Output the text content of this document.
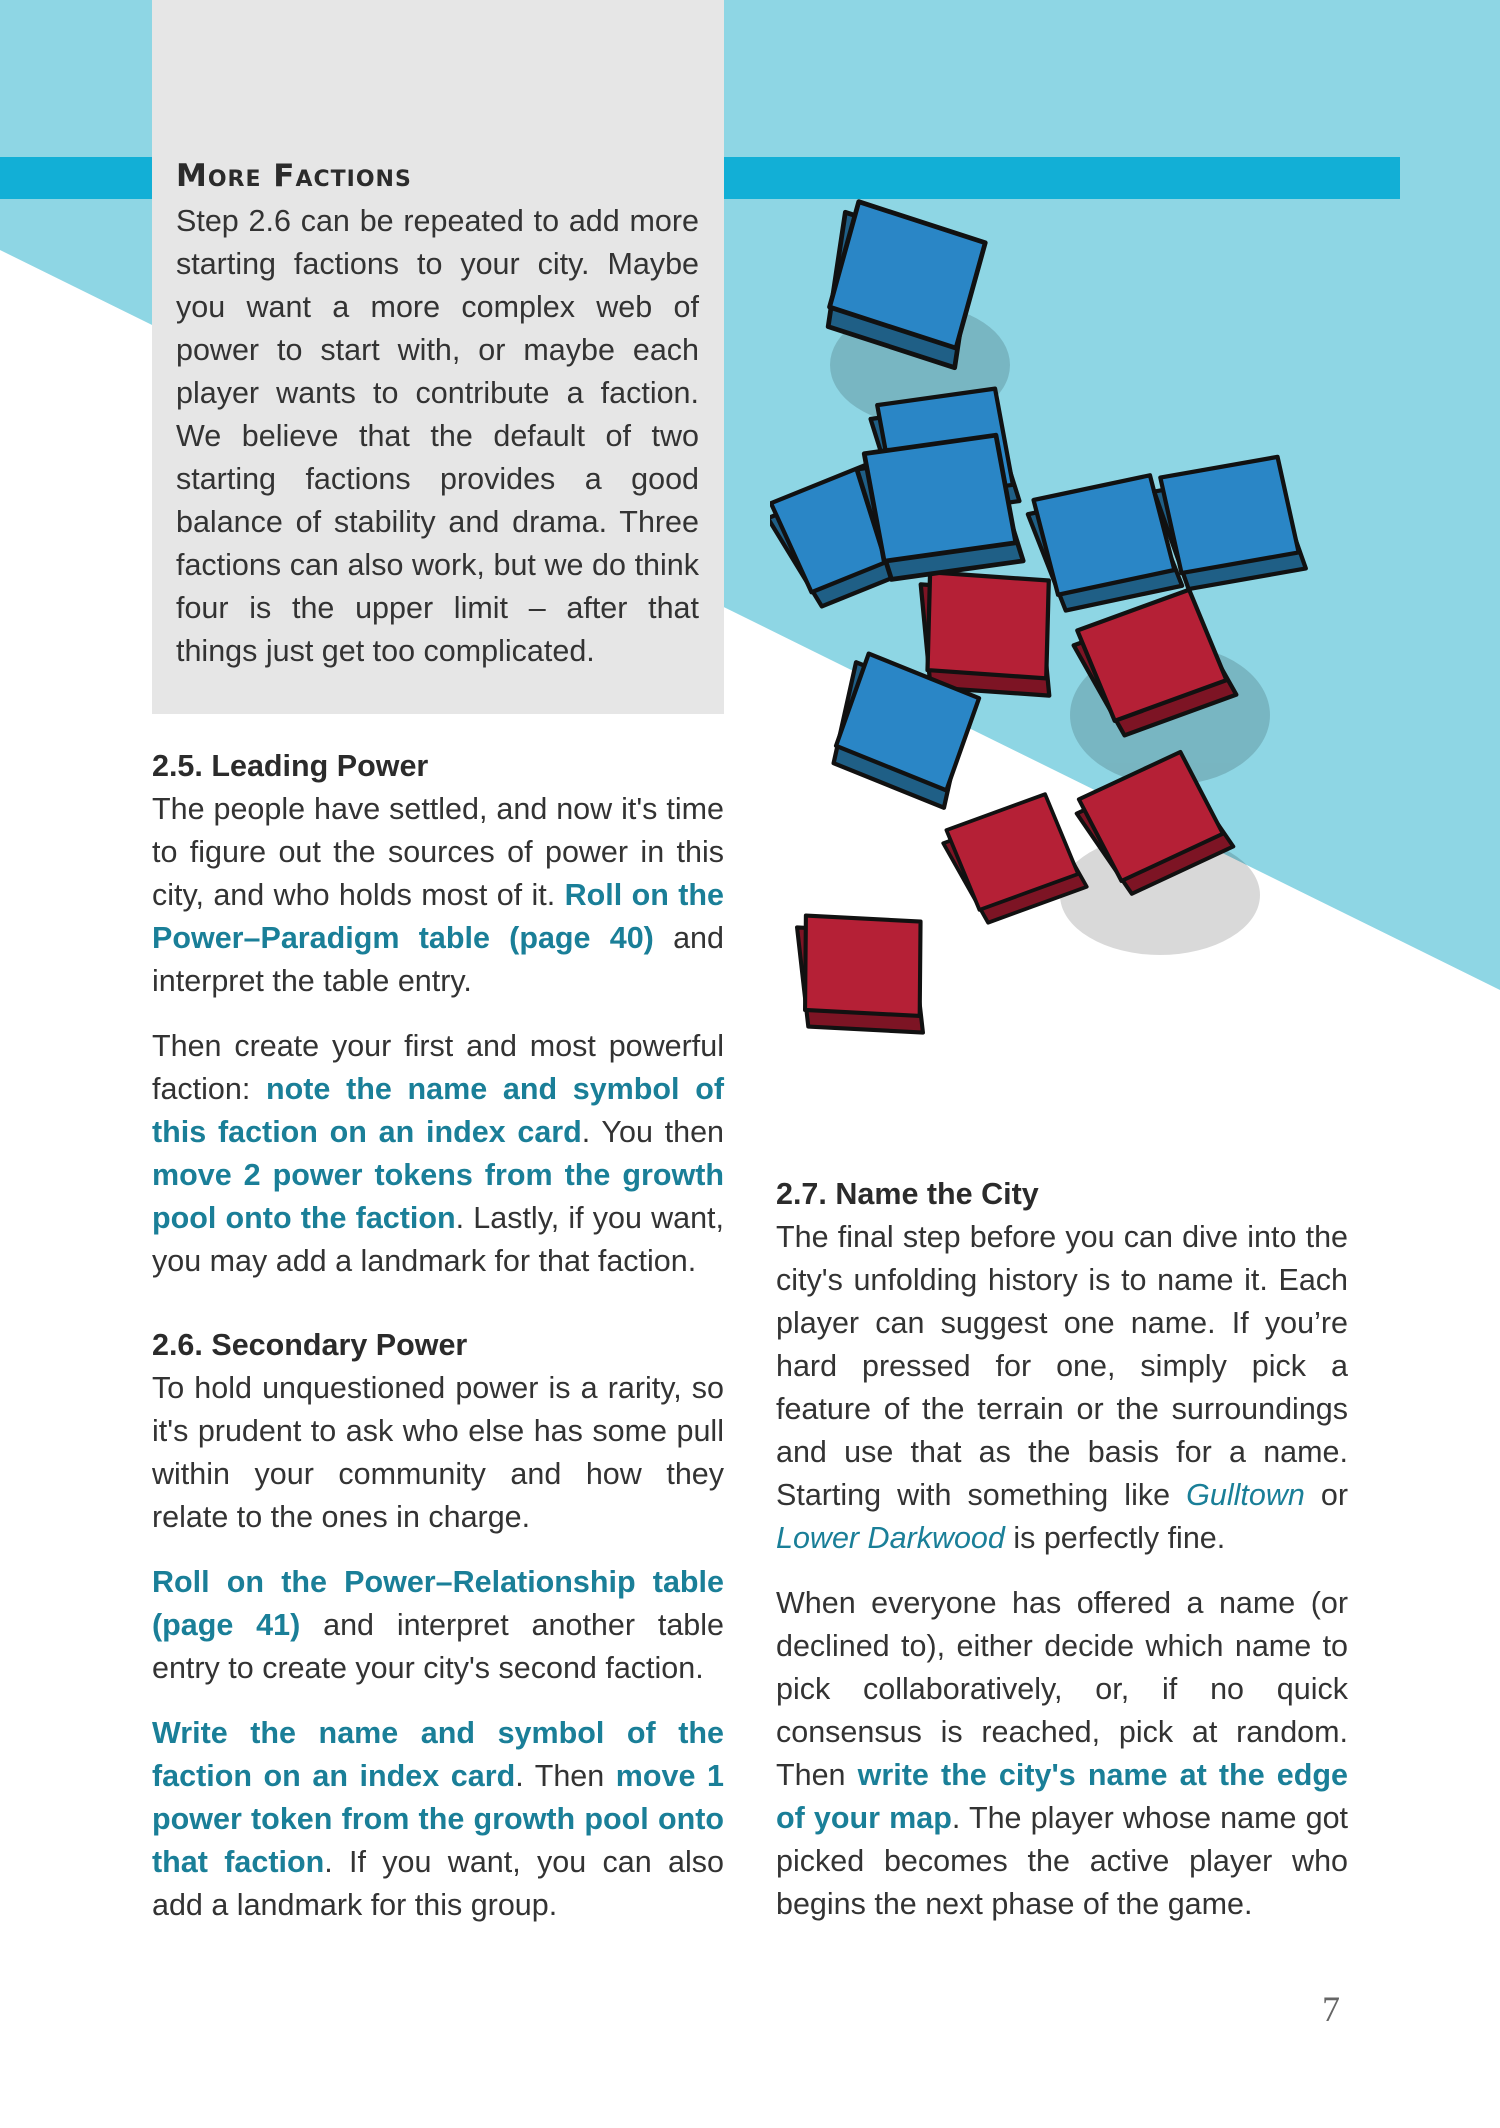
More Factions

Step 2.6 can be repeated to add more starting factions to your city. Maybe you want a more complex web of power to start with, or maybe each player wants to contribute a faction. We believe that the default of two starting factions provides a good balance of stability and drama. Three factions can also work, but we do think four is the upper limit – after that things just get too complicated.

2.5. Leading Power

The people have settled, and now it's time to figure out the sources of power in this city, and who holds most of it. Roll on the Power–Paradigm table (page 40) and interpret the table entry.

Then create your first and most powerful faction: note the name and symbol of this faction on an index card. You then move 2 power tokens from the growth pool onto the faction. Lastly, if you want, you may add a landmark for that faction.

2.6. Secondary Power

To hold unquestioned power is a rarity, so it's prudent to ask who else has some pull within your community and how they relate to the ones in charge.

Roll on the Power–Relationship table (page 41) and interpret another table entry to create your city's second faction.

Write the name and symbol of the faction on an index card. Then move 1 power token from the growth pool onto that faction. If you want, you can also add a landmark for this group.

2.7. Name the City

The final step before you can dive into the city's unfolding history is to name it. Each player can suggest one name. If you’re hard pressed for one, simply pick a feature of the terrain or the surroundings and use that as the basis for a name. Starting with something like Gulltown or Lower Darkwood is perfectly fine.

When everyone has offered a name (or declined to), either decide which name to pick collaboratively, or, if no quick consensus is reached, pick at random. Then write the city's name at the edge of your map. The player whose name got picked becomes the active player who begins the next phase of the game.

7
